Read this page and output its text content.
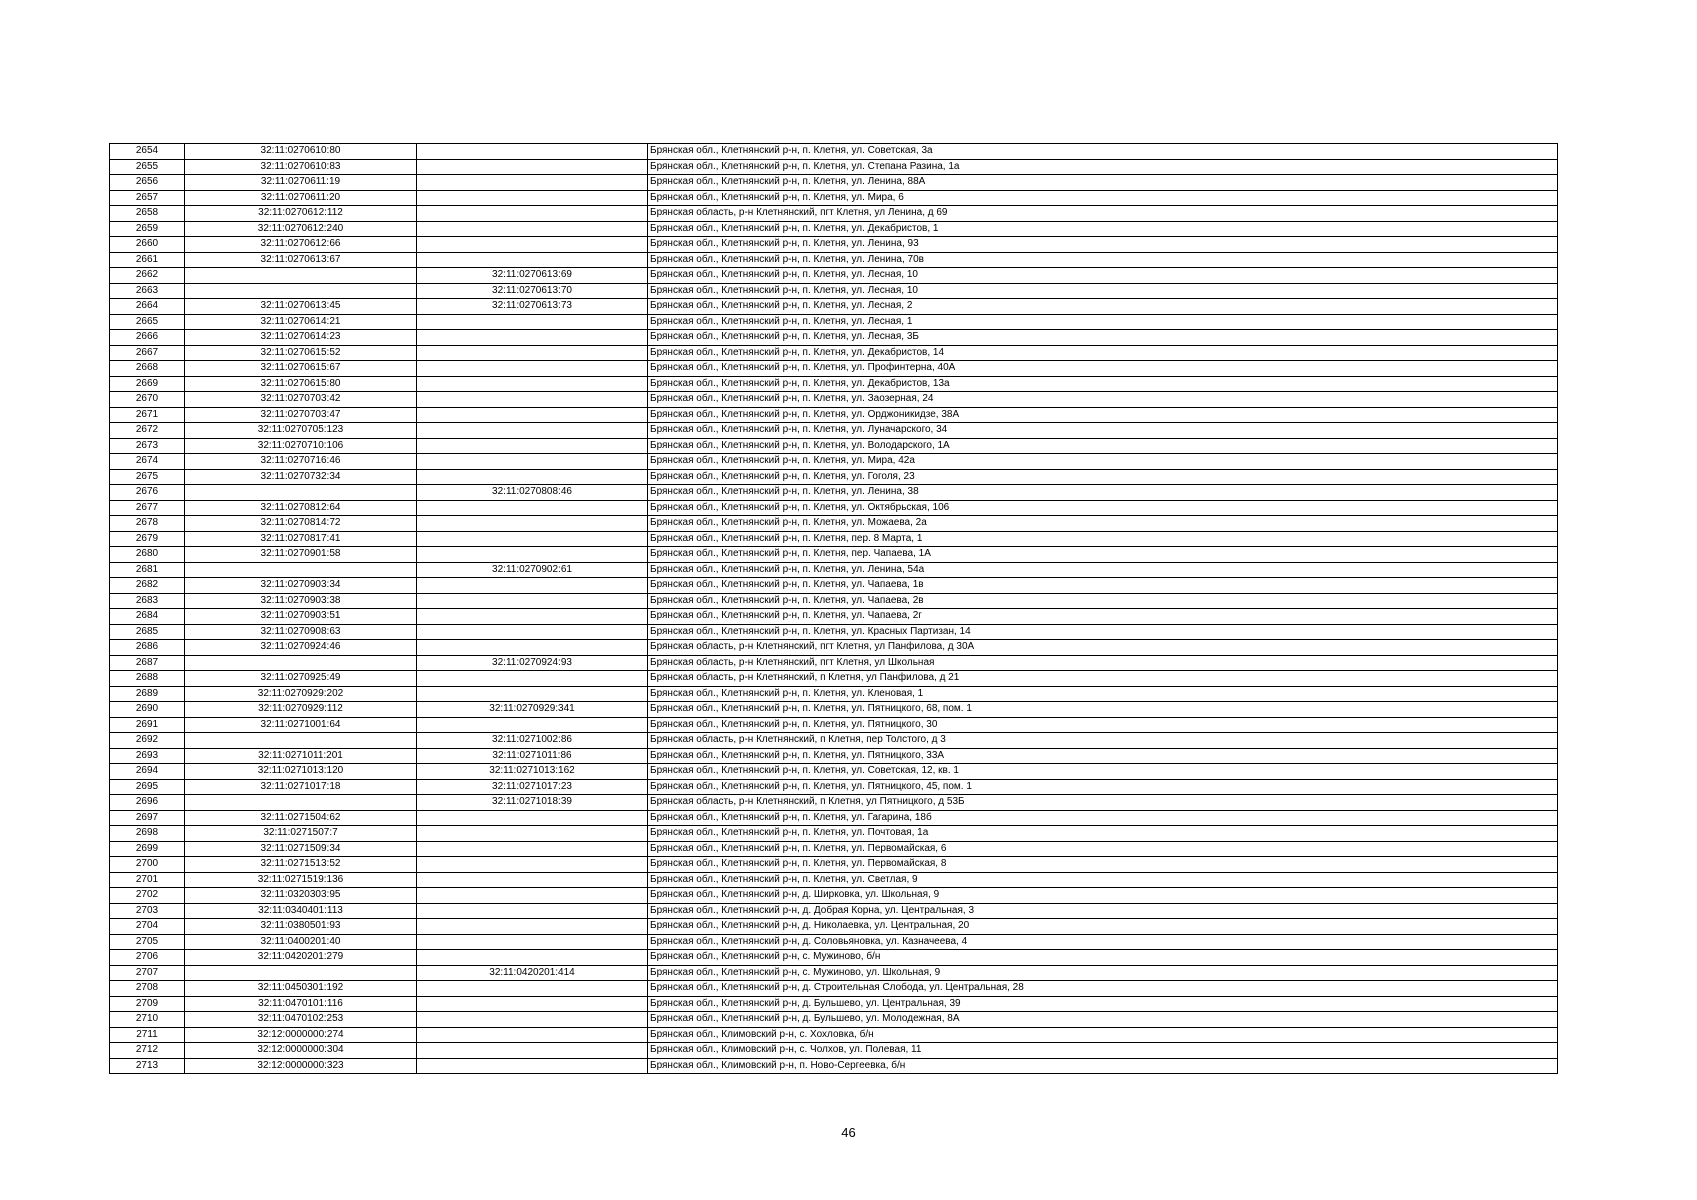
2654	32:11:0270610:80		Брянская обл., Клетнянский р-н, п. Клетня, ул. Советская, 3а
2655	32:11:0270610:83		Брянская обл., Клетнянский р-н, п. Клетня, ул. Степана Разина, 1а
2656	32:11:0270611:19		Брянская обл., Клетнянский р-н, п. Клетня, ул. Ленина, 88А
2657	32:11:0270611:20		Брянская обл., Клетнянский р-н, п. Клетня, ул. Мира, 6
2658	32:11:0270612:112		Брянская область, р-н Клетнянский, пгт Клетня, ул Ленина, д 69
2659	32:11:0270612:240		Брянская обл., Клетнянский р-н, п. Клетня, ул. Декабристов, 1
2660	32:11:0270612:66		Брянская обл., Клетнянский р-н, п. Клетня, ул. Ленина, 93
2661	32:11:0270613:67		Брянская обл., Клетнянский р-н, п. Клетня, ул. Ленина, 70в
2662		32:11:0270613:69	Брянская обл., Клетнянский р-н, п. Клетня, ул. Лесная, 10
2663		32:11:0270613:70	Брянская обл., Клетнянский р-н, п. Клетня, ул. Лесная, 10
2664	32:11:0270613:45	32:11:0270613:73	Брянская обл., Клетнянский р-н, п. Клетня, ул. Лесная, 2
2665	32:11:0270614:21		Брянская обл., Клетнянский р-н, п. Клетня, ул. Лесная, 1
2666	32:11:0270614:23		Брянская обл., Клетнянский р-н, п. Клетня, ул. Лесная, 3Б
2667	32:11:0270615:52		Брянская обл., Клетнянский р-н, п. Клетня, ул. Декабристов, 14
2668	32:11:0270615:67		Брянская обл., Клетнянский р-н, п. Клетня, ул. Профинтерна, 40А
2669	32:11:0270615:80		Брянская обл., Клетнянский р-н, п. Клетня, ул. Декабристов, 13а
2670	32:11:0270703:42		Брянская обл., Клетнянский р-н, п. Клетня, ул. Заозерная, 24
2671	32:11:0270703:47		Брянская обл., Клетнянский р-н, п. Клетня, ул. Орджоникидзе, 38А
2672	32:11:0270705:123		Брянская обл., Клетнянский р-н, п. Клетня, ул. Луначарского, 34
2673	32:11:0270710:106		Брянская обл., Клетнянский р-н, п. Клетня, ул. Володарского, 1А
2674	32:11:0270716:46		Брянская обл., Клетнянский р-н, п. Клетня, ул. Мира, 42а
2675	32:11:0270732:34		Брянская обл., Клетнянский р-н, п. Клетня, ул. Гоголя, 23
2676		32:11:0270808:46	Брянская обл., Клетнянский р-н, п. Клетня, ул. Ленина, 38
2677	32:11:0270812:64		Брянская обл., Клетнянский р-н, п. Клетня, ул. Октябрьская, 106
2678	32:11:0270814:72		Брянская обл., Клетнянский р-н, п. Клетня, ул. Можаева, 2а
2679	32:11:0270817:41		Брянская обл., Клетнянский р-н, п. Клетня, пер. 8 Марта, 1
2680	32:11:0270901:58		Брянская обл., Клетнянский р-н, п. Клетня, пер. Чапаева, 1А
2681		32:11:0270902:61	Брянская обл., Клетнянский р-н, п. Клетня, ул. Ленина, 54а
2682	32:11:0270903:34		Брянская обл., Клетнянский р-н, п. Клетня, ул. Чапаева, 1в
2683	32:11:0270903:38		Брянская обл., Клетнянский р-н, п. Клетня, ул. Чапаева, 2в
2684	32:11:0270903:51		Брянская обл., Клетнянский р-н, п. Клетня, ул. Чапаева, 2г
2685	32:11:0270908:63		Брянская обл., Клетнянский р-н, п. Клетня, ул. Красных Партизан, 14
2686	32:11:0270924:46		Брянская область, р-н Клетнянский, пгт Клетня, ул Панфилова, д 30А
2687		32:11:0270924:93	Брянская область, р-н Клетнянский, пгт Клетня, ул Школьная
2688	32:11:0270925:49		Брянская область, р-н Клетнянский, п Клетня, ул Панфилова, д 21
2689	32:11:0270929:202		Брянская обл., Клетнянский р-н, п. Клетня, ул. Кленовая, 1
2690	32:11:0270929:112	32:11:0270929:341	Брянская обл., Клетнянский р-н, п. Клетня, ул. Пятницкого, 68, пом. 1
2691	32:11:0271001:64		Брянская обл., Клетнянский р-н, п. Клетня, ул. Пятницкого, 30
2692		32:11:0271002:86	Брянская область, р-н Клетнянский, п Клетня, пер Толстого, д 3
2693	32:11:0271011:201	32:11:0271011:86	Брянская обл., Клетнянский р-н, п. Клетня, ул. Пятницкого, 33А
2694	32:11:0271013:120	32:11:0271013:162	Брянская обл., Клетнянский р-н, п. Клетня, ул. Советская, 12, кв. 1
2695	32:11:0271017:18	32:11:0271017:23	Брянская обл., Клетнянский р-н, п. Клетня, ул. Пятницкого, 45, пом. 1
2696		32:11:0271018:39	Брянская область, р-н Клетнянский, п Клетня, ул Пятницкого, д 53Б
2697	32:11:0271504:62		Брянская обл., Клетнянский р-н, п. Клетня, ул. Гагарина, 18б
2698	32:11:0271507:7		Брянская обл., Клетнянский р-н, п. Клетня, ул. Почтовая, 1а
2699	32:11:0271509:34		Брянская обл., Клетнянский р-н, п. Клетня, ул. Первомайская, 6
2700	32:11:0271513:52		Брянская обл., Клетнянский р-н, п. Клетня, ул. Первомайская, 8
2701	32:11:0271519:136		Брянская обл., Клетнянский р-н, п. Клетня, ул. Светлая, 9
2702	32:11:0320303:95		Брянская обл., Клетнянский р-н, д. Ширковка, ул. Школьная, 9
2703	32:11:0340401:113		Брянская обл., Клетнянский р-н, д. Добрая Корна, ул. Центральная, 3
2704	32:11:0380501:93		Брянская обл., Клетнянский р-н, д. Николаевка, ул. Центральная, 20
2705	32:11:0400201:40		Брянская обл., Клетнянский р-н, д. Соловьяновка, ул. Казначеева, 4
2706	32:11:0420201:279		Брянская обл., Клетнянский р-н, с. Мужиново, б/н
2707		32:11:0420201:414	Брянская обл., Клетнянский р-н, с. Мужиново, ул. Школьная, 9
2708	32:11:0450301:192		Брянская обл., Клетнянский р-н, д. Строительная Слобода, ул. Центральная, 28
2709	32:11:0470101:116		Брянская обл., Клетнянский р-н, д. Бульшево, ул. Центральная, 39
2710	32:11:0470102:253		Брянская обл., Клетнянский р-н, д. Бульшево, ул. Молодежная, 8А
2711	32:12:0000000:274		Брянская обл., Климовский р-н, с. Хохловка, б/н
2712	32:12:0000000:304		Брянская обл., Климовский р-н, с. Чолхов, ул. Полевая, 11
2713	32:12:0000000:323		Брянская обл., Климовский р-н, п. Ново-Сергеевка, б/н
46
